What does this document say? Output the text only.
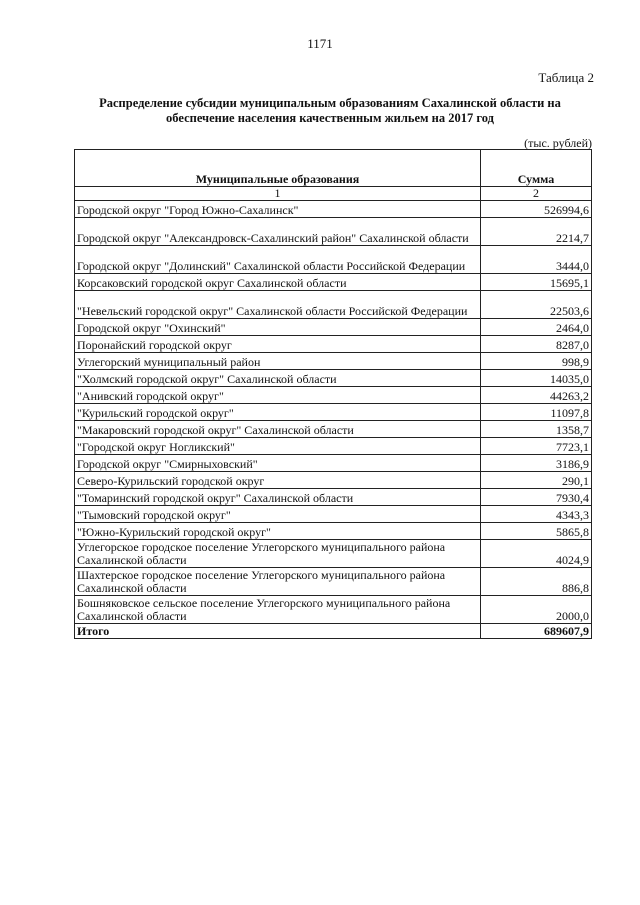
1171
Таблица 2
Распределение субсидии муниципальным образованиям Сахалинской области на
обеспечение населения качественным жильем на 2017 год
(тыс. рублей)
Муниципальные образования	Сумма
1	2
Городской округ "Город Южно-Сахалинск"	526994,6
Городской округ "Александровск-Сахалинский район" Сахалинской области	2214,7
Городской округ "Долинский" Сахалинской области Российской Федерации	3444,0
Корсаковский городской округ Сахалинской области	15695,1
"Невельский городской округ" Сахалинской области Российской Федерации	22503,6
Городской округ "Охинский"	2464,0
Поронайский городской округ	8287,0
Углегорский муниципальный район	998,9
"Холмский городской округ" Сахалинской области	14035,0
"Анивский городской округ"	44263,2
"Курильский городской округ"	11097,8
"Макаровский городской округ" Сахалинской области	1358,7
"Городской округ Ногликский"	7723,1
Городской округ "Смирныховский"	3186,9
Северо-Курильский городской округ	290,1
"Томаринский городской округ" Сахалинской области	7930,4
"Тымовский городской округ"	4343,3
"Южно-Курильский городской округ"	5865,8
Углегорское городское поселение Углегорского муниципального района Сахалинской области	4024,9
Шахтерское городское поселение Углегорского муниципального района Сахалинской области	886,8
Бошняковское сельское поселение Углегорского муниципального района Сахалинской области	2000,0
Итого	689607,9
